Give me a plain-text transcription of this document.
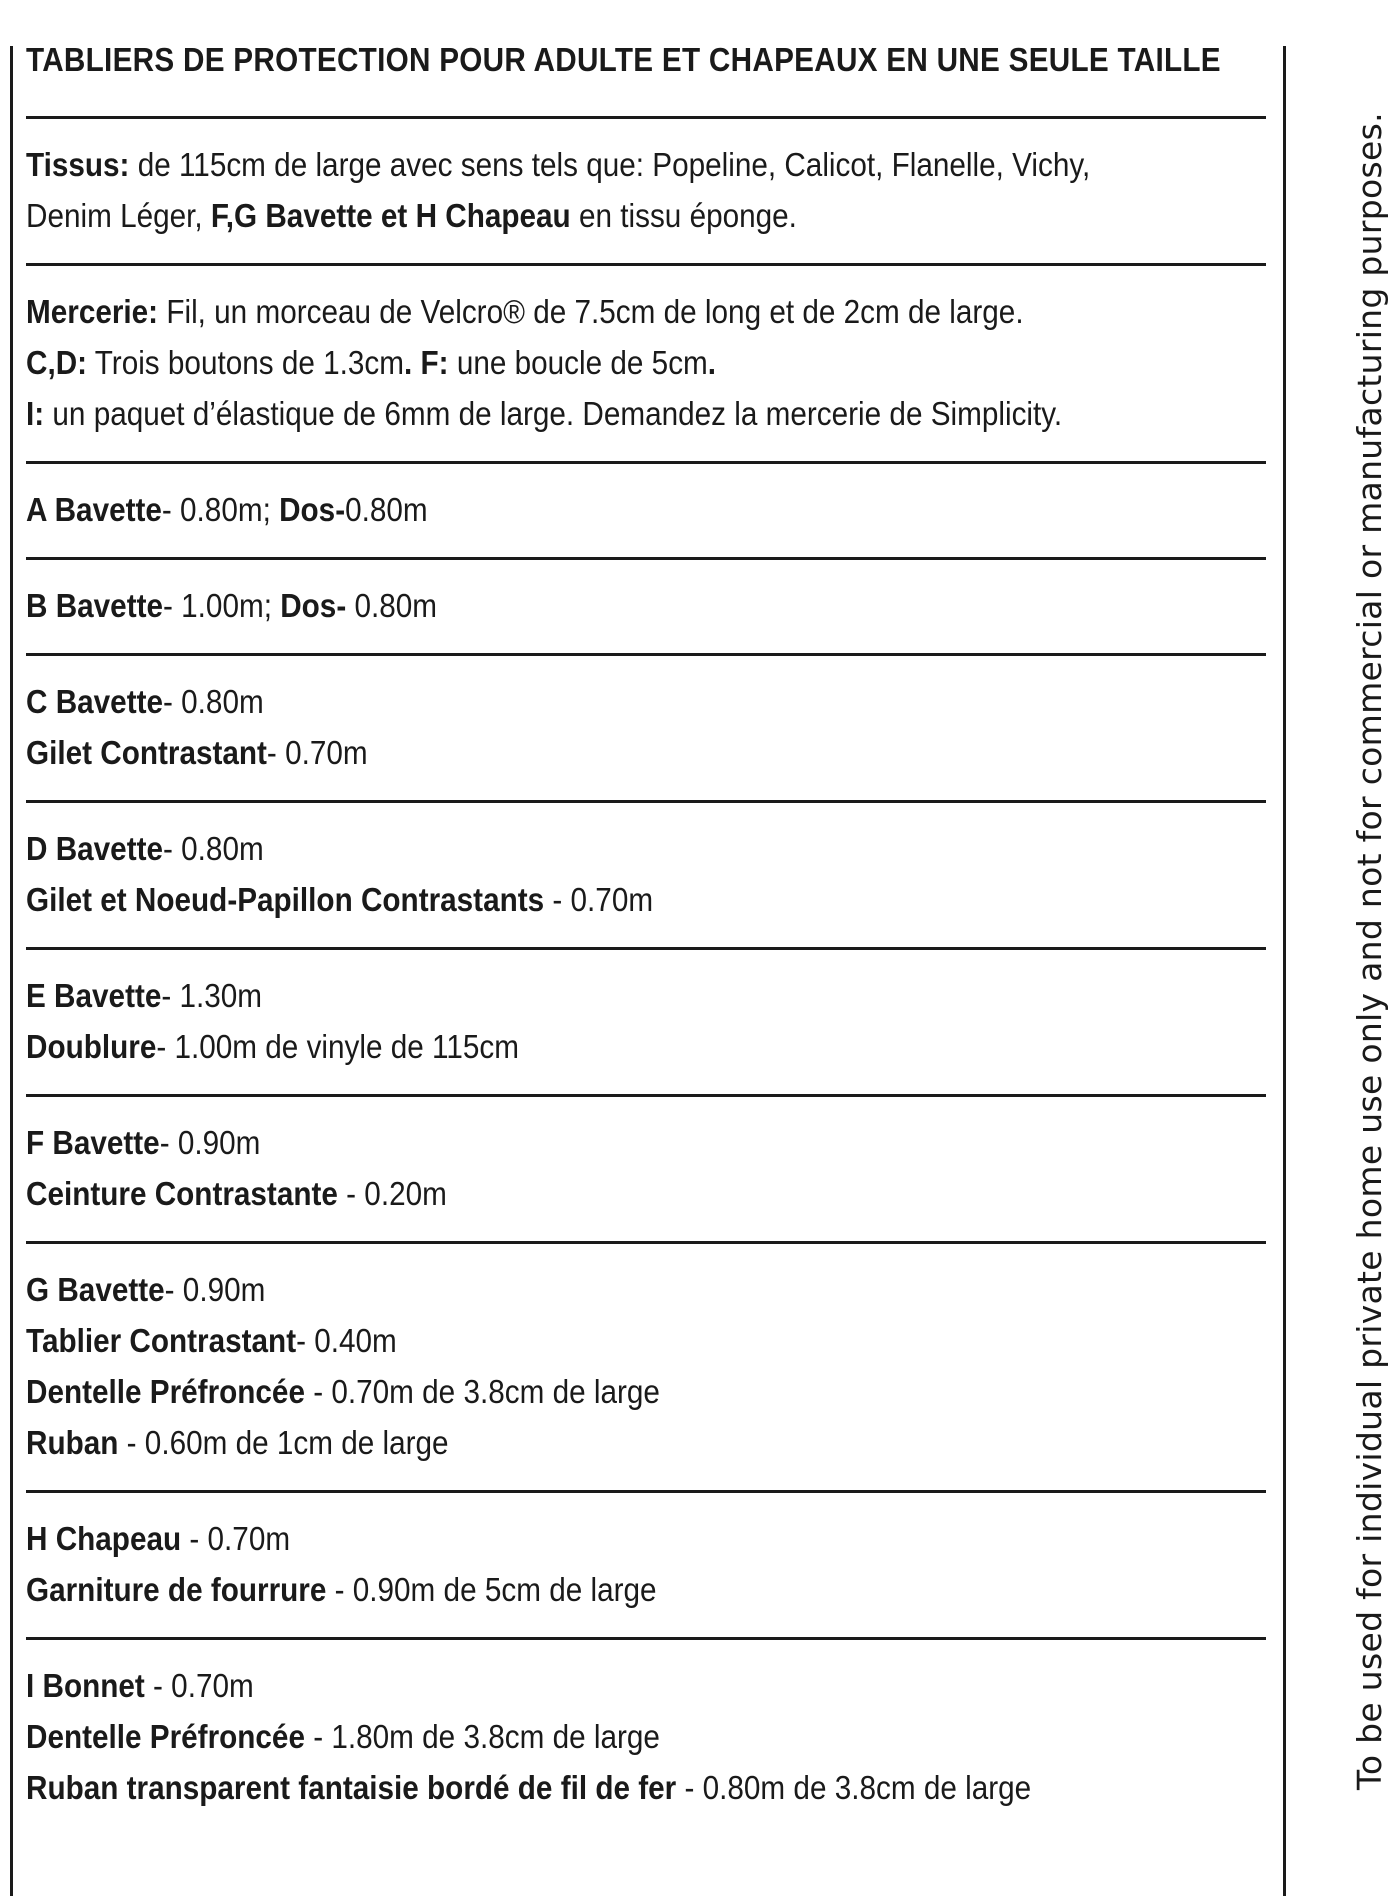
TABLIERS DE PROTECTION POUR ADULTE ET CHAPEAUX EN UNE SEULE TAILLE
Tissus: de 115cm de large avec sens tels que: Popeline, Calicot, Flanelle, Vichy,
Denim Léger, F,G Bavette et H Chapeau en tissu éponge.
Mercerie: Fil, un morceau de Velcro® de 7.5cm de long et de 2cm de large.
C,D: Trois boutons de 1.3cm. F: une boucle de 5cm.
I: un paquet d’élastique de 6mm de large. Demandez la mercerie de Simplicity.
A Bavette- 0.80m; Dos-0.80m
B Bavette- 1.00m; Dos- 0.80m
C Bavette- 0.80m
Gilet Contrastant- 0.70m
D Bavette- 0.80m
Gilet et Noeud-Papillon Contrastants - 0.70m
E Bavette- 1.30m
Doublure- 1.00m de vinyle de 115cm
F Bavette- 0.90m
Ceinture Contrastante - 0.20m
G Bavette- 0.90m
Tablier Contrastant- 0.40m
Dentelle Préfroncée - 0.70m de 3.8cm de large
Ruban - 0.60m de 1cm de large
H Chapeau - 0.70m
Garniture de fourrure - 0.90m de 5cm de large
I Bonnet - 0.70m
Dentelle Préfroncée - 1.80m de 3.8cm de large
Ruban transparent fantaisie bordé de fil de fer - 0.80m de 3.8cm de large	To be used for individual private home use only and not for commercial or manufacturing purposes.
